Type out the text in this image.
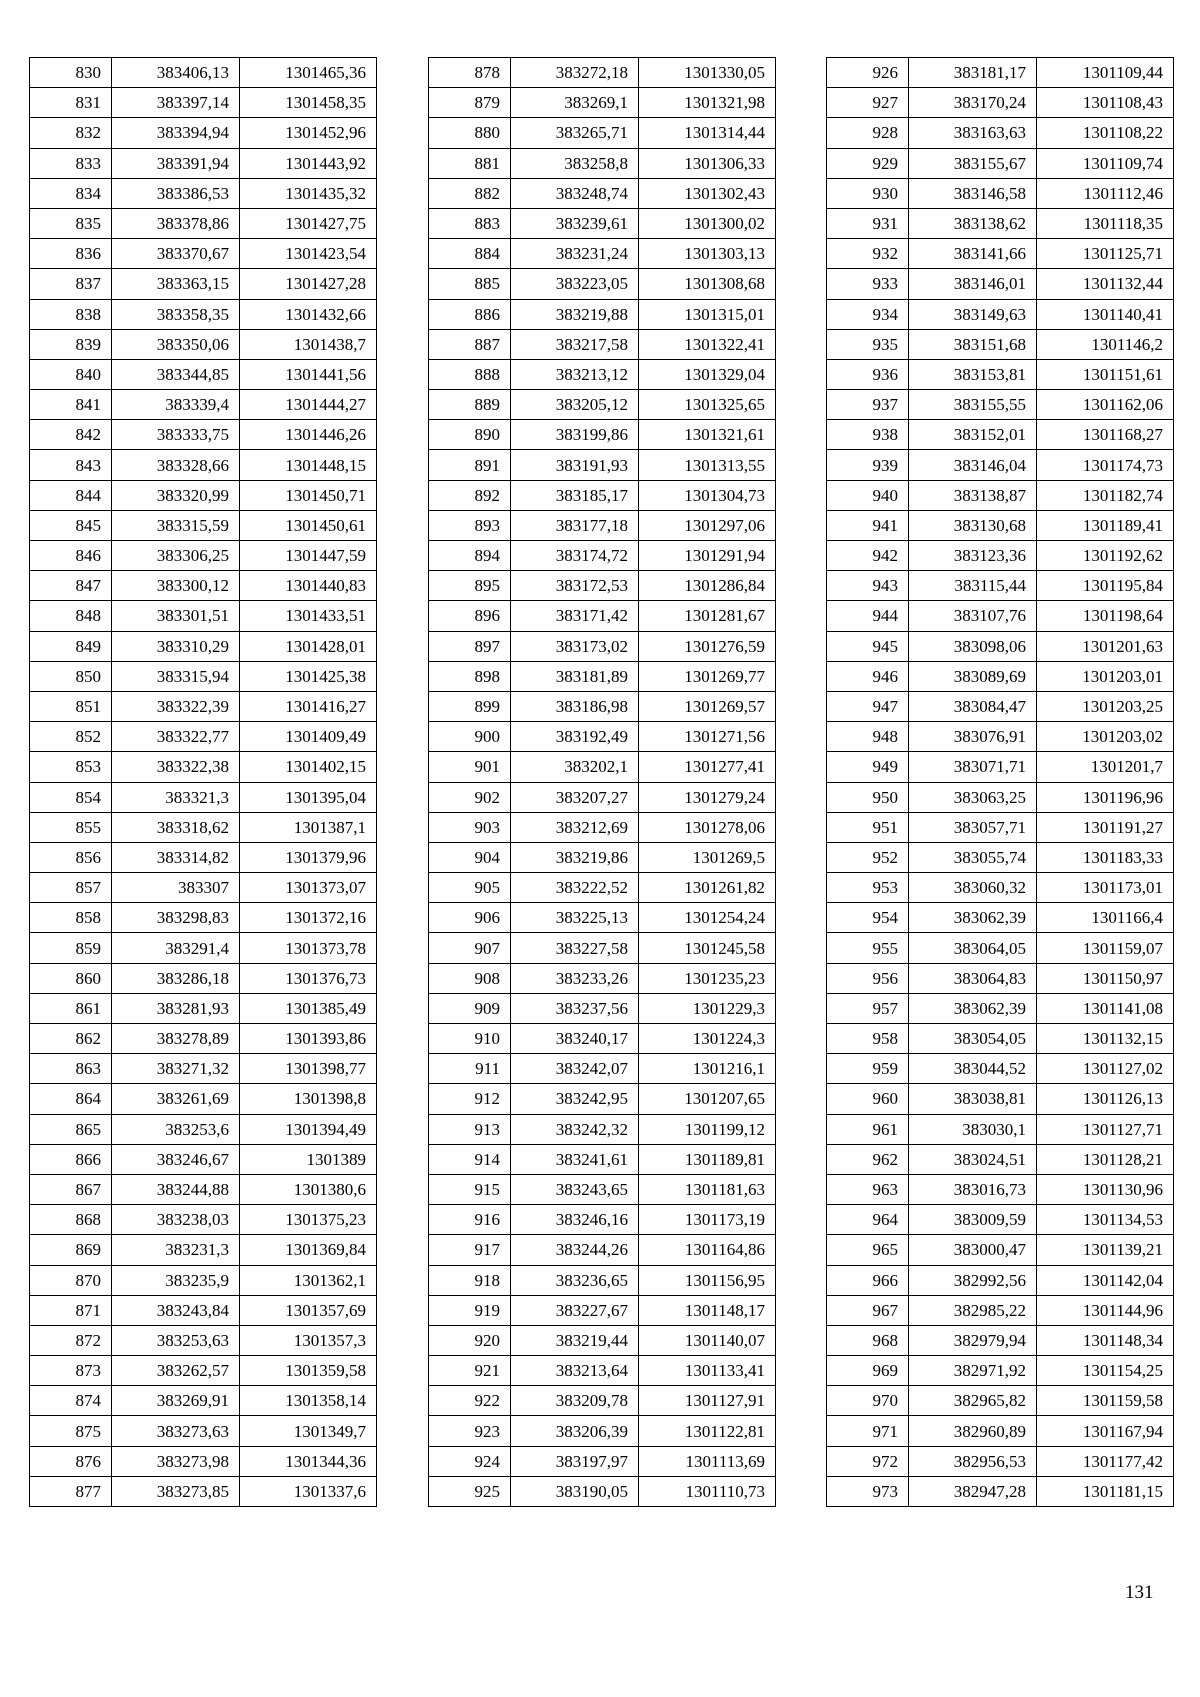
830	383406,13	1301465,36
831	383397,14	1301458,35
832	383394,94	1301452,96
833	383391,94	1301443,92
834	383386,53	1301435,32
835	383378,86	1301427,75
836	383370,67	1301423,54
837	383363,15	1301427,28
838	383358,35	1301432,66
839	383350,06	1301438,7
840	383344,85	1301441,56
841	383339,4	1301444,27
842	383333,75	1301446,26
843	383328,66	1301448,15
844	383320,99	1301450,71
845	383315,59	1301450,61
846	383306,25	1301447,59
847	383300,12	1301440,83
848	383301,51	1301433,51
849	383310,29	1301428,01
850	383315,94	1301425,38
851	383322,39	1301416,27
852	383322,77	1301409,49
853	383322,38	1301402,15
854	383321,3	1301395,04
855	383318,62	1301387,1
856	383314,82	1301379,96
857	383307	1301373,07
858	383298,83	1301372,16
859	383291,4	1301373,78
860	383286,18	1301376,73
861	383281,93	1301385,49
862	383278,89	1301393,86
863	383271,32	1301398,77
864	383261,69	1301398,8
865	383253,6	1301394,49
866	383246,67	1301389
867	383244,88	1301380,6
868	383238,03	1301375,23
869	383231,3	1301369,84
870	383235,9	1301362,1
871	383243,84	1301357,69
872	383253,63	1301357,3
873	383262,57	1301359,58
874	383269,91	1301358,14
875	383273,63	1301349,7
876	383273,98	1301344,36
877	383273,85	1301337,6
878	383272,18	1301330,05
879	383269,1	1301321,98
880	383265,71	1301314,44
881	383258,8	1301306,33
882	383248,74	1301302,43
883	383239,61	1301300,02
884	383231,24	1301303,13
885	383223,05	1301308,68
886	383219,88	1301315,01
887	383217,58	1301322,41
888	383213,12	1301329,04
889	383205,12	1301325,65
890	383199,86	1301321,61
891	383191,93	1301313,55
892	383185,17	1301304,73
893	383177,18	1301297,06
894	383174,72	1301291,94
895	383172,53	1301286,84
896	383171,42	1301281,67
897	383173,02	1301276,59
898	383181,89	1301269,77
899	383186,98	1301269,57
900	383192,49	1301271,56
901	383202,1	1301277,41
902	383207,27	1301279,24
903	383212,69	1301278,06
904	383219,86	1301269,5
905	383222,52	1301261,82
906	383225,13	1301254,24
907	383227,58	1301245,58
908	383233,26	1301235,23
909	383237,56	1301229,3
910	383240,17	1301224,3
911	383242,07	1301216,1
912	383242,95	1301207,65
913	383242,32	1301199,12
914	383241,61	1301189,81
915	383243,65	1301181,63
916	383246,16	1301173,19
917	383244,26	1301164,86
918	383236,65	1301156,95
919	383227,67	1301148,17
920	383219,44	1301140,07
921	383213,64	1301133,41
922	383209,78	1301127,91
923	383206,39	1301122,81
924	383197,97	1301113,69
925	383190,05	1301110,73
926	383181,17	1301109,44
927	383170,24	1301108,43
928	383163,63	1301108,22
929	383155,67	1301109,74
930	383146,58	1301112,46
931	383138,62	1301118,35
932	383141,66	1301125,71
933	383146,01	1301132,44
934	383149,63	1301140,41
935	383151,68	1301146,2
936	383153,81	1301151,61
937	383155,55	1301162,06
938	383152,01	1301168,27
939	383146,04	1301174,73
940	383138,87	1301182,74
941	383130,68	1301189,41
942	383123,36	1301192,62
943	383115,44	1301195,84
944	383107,76	1301198,64
945	383098,06	1301201,63
946	383089,69	1301203,01
947	383084,47	1301203,25
948	383076,91	1301203,02
949	383071,71	1301201,7
950	383063,25	1301196,96
951	383057,71	1301191,27
952	383055,74	1301183,33
953	383060,32	1301173,01
954	383062,39	1301166,4
955	383064,05	1301159,07
956	383064,83	1301150,97
957	383062,39	1301141,08
958	383054,05	1301132,15
959	383044,52	1301127,02
960	383038,81	1301126,13
961	383030,1	1301127,71
962	383024,51	1301128,21
963	383016,73	1301130,96
964	383009,59	1301134,53
965	383000,47	1301139,21
966	382992,56	1301142,04
967	382985,22	1301144,96
968	382979,94	1301148,34
969	382971,92	1301154,25
970	382965,82	1301159,58
971	382960,89	1301167,94
972	382956,53	1301177,42
973	382947,28	1301181,15
131
